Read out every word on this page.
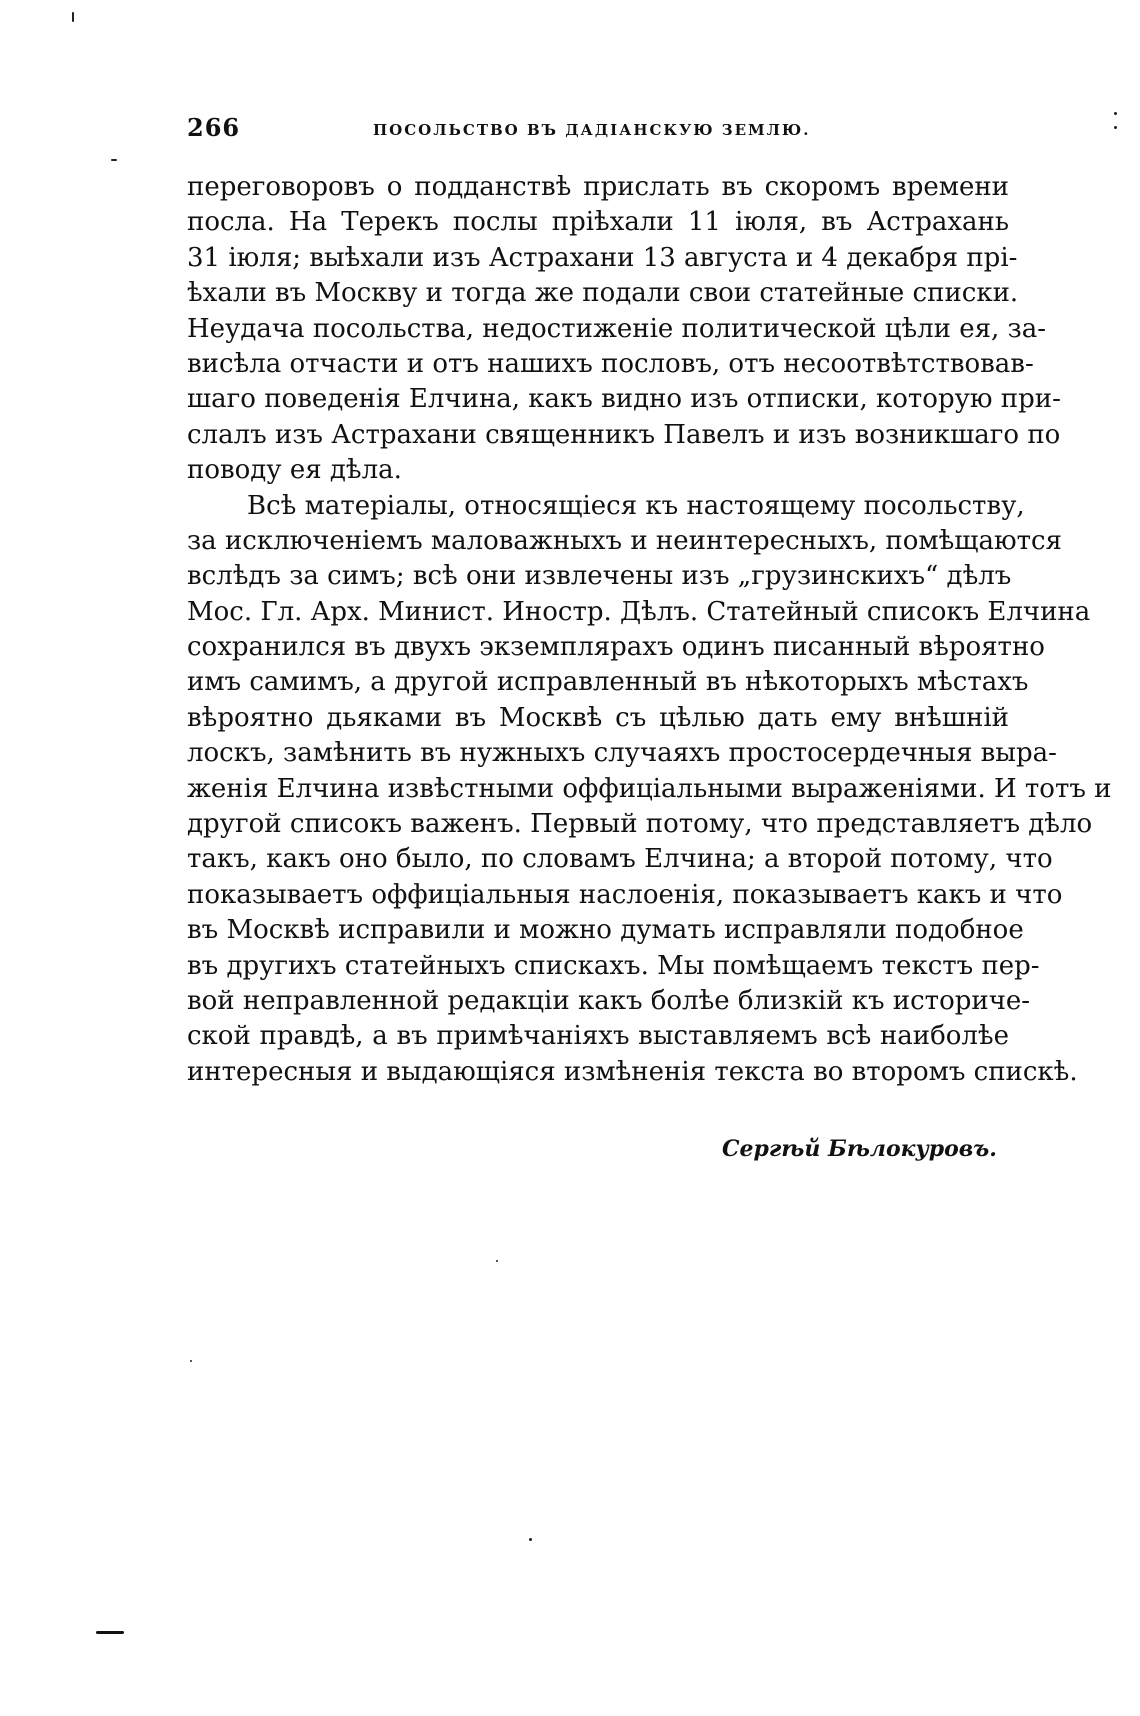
266	ПОСОЛЬСТВО ВЪ ДАДІАНСКУЮ ЗЕМЛЮ.
переговоровъ о подданствѣ прислать въ скоромъ времени
посла. На Терекъ послы пріѣхали 11 іюля, въ Астрахань
31 іюля; выѣхали изъ Астрахани 13 августа и 4 декабря прі-
ѣхали въ Москву и тогда же подали свои статейные списки.
Неудача посольства, недостиженіе политической цѣли ея, за-
висѣла отчасти и отъ нашихъ пословъ, отъ несоотвѣтствовав-
шаго поведенія Елчина, какъ видно изъ отписки, которую при-
слалъ изъ Астрахани священникъ Павелъ и изъ возникшаго по
поводу ея дѣла.
Всѣ матеріалы, относящіеся къ настоящему посольству,
за исключеніемъ маловажныхъ и неинтересныхъ, помѣщаются
вслѣдъ за симъ; всѣ они извлечены изъ „грузинскихъ“ дѣлъ
Мос. Гл. Арх. Минист. Иностр. Дѣлъ. Статейный списокъ Елчина
сохранился въ двухъ экземплярахъ одинъ писанный вѣроятно
имъ самимъ, а другой исправленный въ нѣкоторыхъ мѣстахъ
вѣроятно дьяками въ Москвѣ съ цѣлью дать ему внѣшній
лоскъ, замѣнить въ нужныхъ случаяхъ простосердечныя выра-
женія Елчина извѣстными оффиціальными выраженіями. И тотъ и
другой списокъ важенъ. Первый потому, что представляетъ дѣло
такъ, какъ оно было, по словамъ Елчина; а второй потому, что
показываетъ оффиціальныя наслоенія, показываетъ какъ и что
въ Москвѣ исправили и можно думать исправляли подобное
въ другихъ статейныхъ спискахъ. Мы помѣщаемъ текстъ пер-
вой неправленной редакціи какъ болѣе близкій къ историче-
ской правдѣ, а въ примѣчаніяхъ выставляемъ всѣ наиболѣе
интересныя и выдающіяся измѣненія текста во второмъ спискѣ.
Сергѣй Бѣлокуровъ.
